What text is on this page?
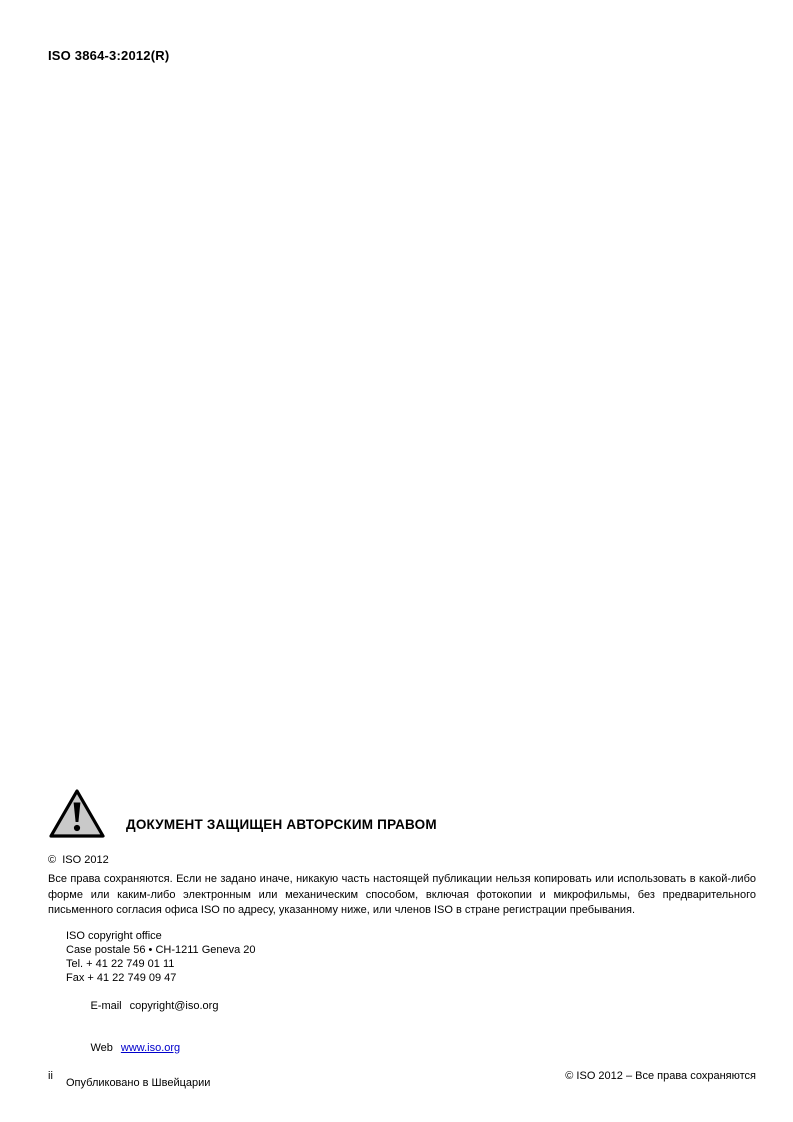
ISO 3864-3:2012(R)
ДОКУМЕНТ ЗАЩИЩЕН АВТОРСКИМ ПРАВОМ
©  ISO 2012

Все права сохраняются. Если не задано иначе, никакую часть настоящей публикации нельзя копировать или использовать в какой-либо форме или каким-либо электронным или механическим способом, включая фотокопии и микрофильмы, без предварительного письменного согласия офиса ISO по адресу, указанному ниже, или членов ISO в стране регистрации пребывания.

ISO copyright office
Case postale 56 • CH-1211 Geneva 20
Tel. + 41 22 749 01 11
Fax + 41 22 749 09 47

E-mail copyright@iso.org

Web www.iso.org

Опубликовано в Швейцарии
ii	© ISO 2012 – Все права сохраняются
